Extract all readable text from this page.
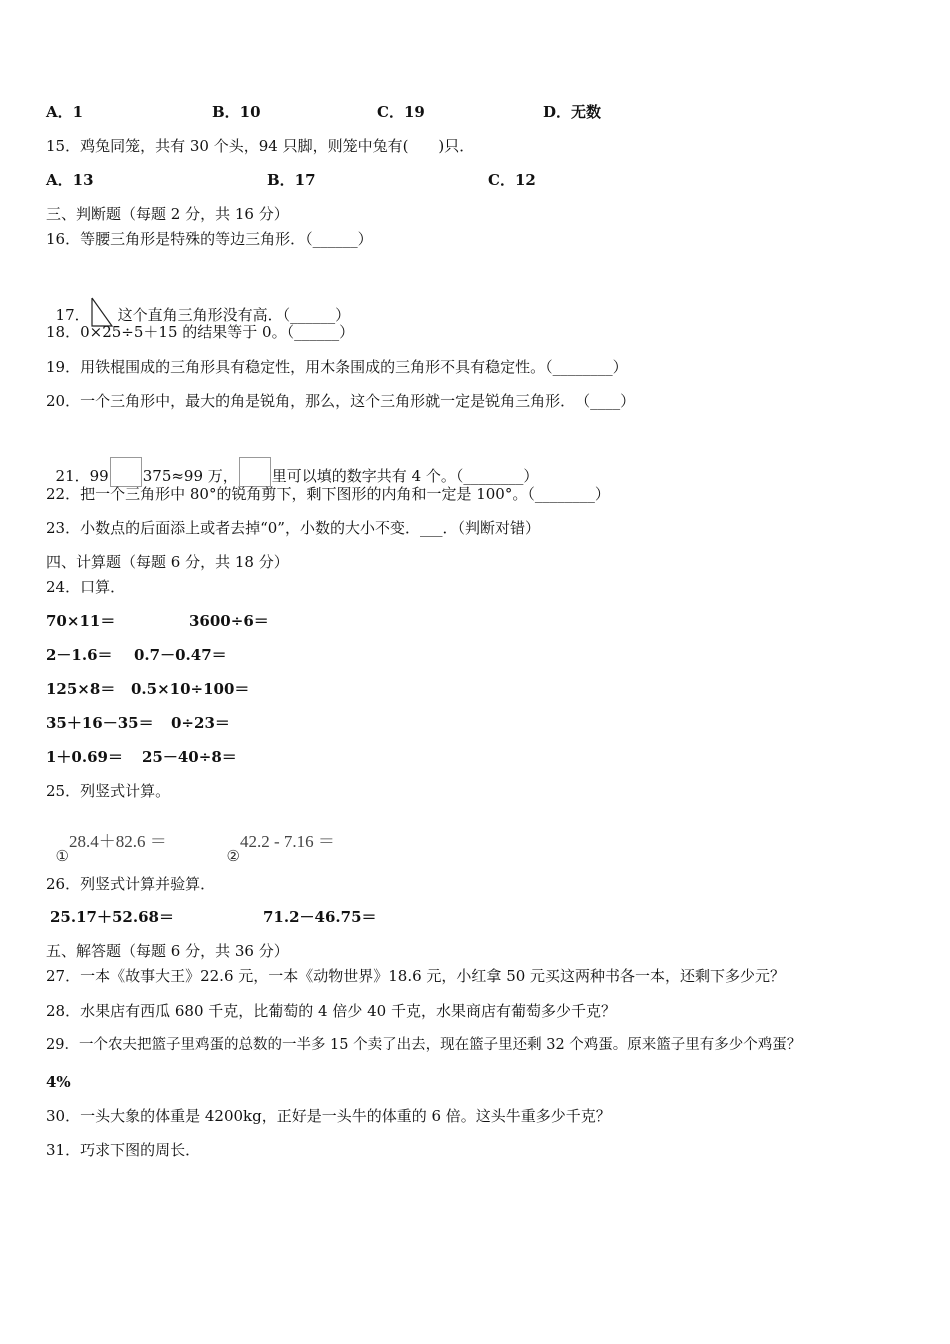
A．1	B．10	C．19	D．无数
15．鸡兔同笼，共有 30 个头，94 只脚，则笼中兔有(　　)只．
A．13	B．17	C．12
三、判断题（每题 2 分，共 16 分）
16．等腰三角形是特殊的等边三角形．（______）

17． 这个直角三角形没有高．（______）

18．0×25÷5＋15 的结果等于 0。（______）
19．用铁棍围成的三角形具有稳定性，用木条围成的三角形不具有稳定性。（________）
20．一个三角形中，最大的角是锐角，那么，这个三角形就一定是锐角三角形．　（____）

21．99 375≈99 万， 里可以填的数字共有 4 个。（________）

22．把一个三角形中 80°的锐角剪下，剩下图形的内角和一定是 100°。（________）
23．小数点的后面添上或者去掉“0”，小数的大小不变．___．（判断对错）
四、计算题（每题 6 分，共 18 分）
24．口算．
70×11＝	3600÷6＝
2－1.6＝ 0.7－0.47＝
125×8＝ 0.5×10÷100＝
35＋16－35＝ 0÷23＝
1＋0.69＝ 25－40÷8＝
25．列竖式计算。

①28.4＋82.6 ＝

②42.2 - 7.16 ＝

26．列竖式计算并验算．
25.17＋52.68＝	71.2－46.75＝
五、解答题（每题 6 分，共 36 分）
27．一本《故事大王》22.6 元，一本《动物世界》18.6 元，小红拿 50 元买这两种书各一本，还剩下多少元？
28．水果店有西瓜 680 千克，比葡萄的 4 倍少 40 千克，水果商店有葡萄多少千克？
29．一个农夫把篮子里鸡蛋的总数的一半多 15 个卖了出去，现在篮子里还剩 32 个鸡蛋。原来篮子里有多少个鸡蛋？
4%
30．一头大象的体重是 4200kg，正好是一头牛的体重的 6 倍。这头牛重多少千克？
31．巧求下图的周长．
